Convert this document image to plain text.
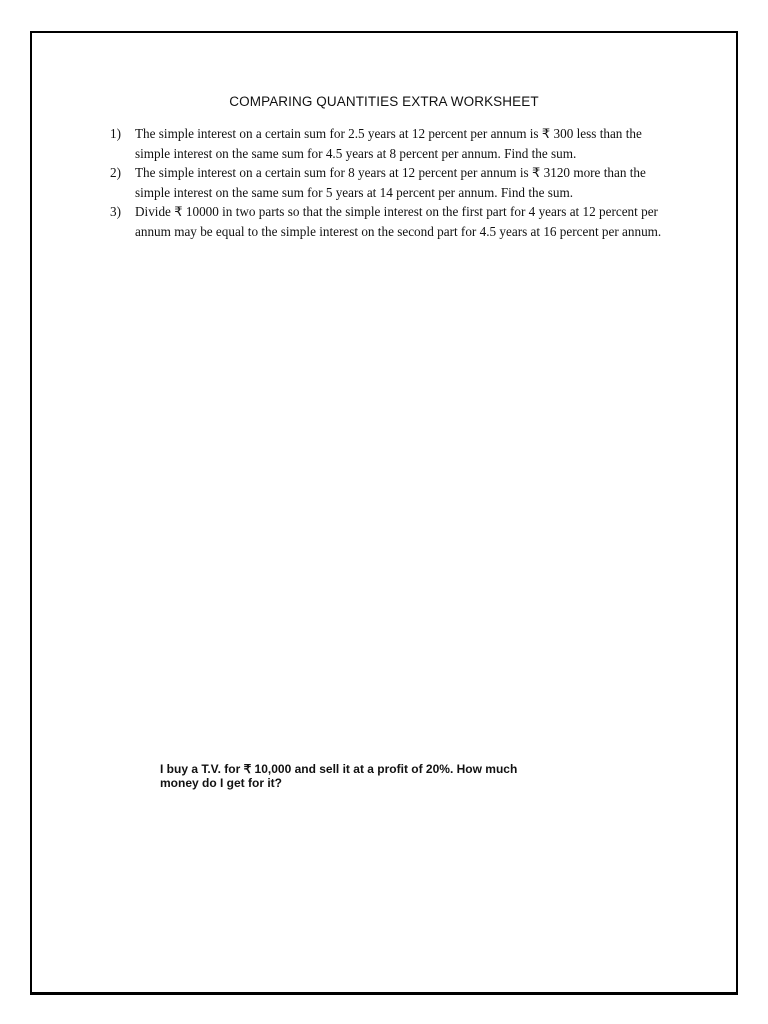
COMPARING QUANTITIES EXTRA WORKSHEET
1) The simple interest on a certain sum for 2.5 years at 12 percent per annum is ₹ 300 less than the simple interest on the same sum for 4.5 years at 8 percent per annum. Find the sum.
2) The simple interest on a certain sum for 8 years at 12 percent per annum is ₹ 3120 more than the simple interest on the same sum for 5 years at 14 percent per annum. Find the sum.
3) Divide ₹ 10000 in two parts so that the simple interest on the first part for 4 years at 12 percent per annum may be equal to the simple interest on the second part for 4.5 years at 16 percent per annum.
I buy a T.V. for ₹ 10,000 and sell it at a profit of 20%. How much money do I get for it?
